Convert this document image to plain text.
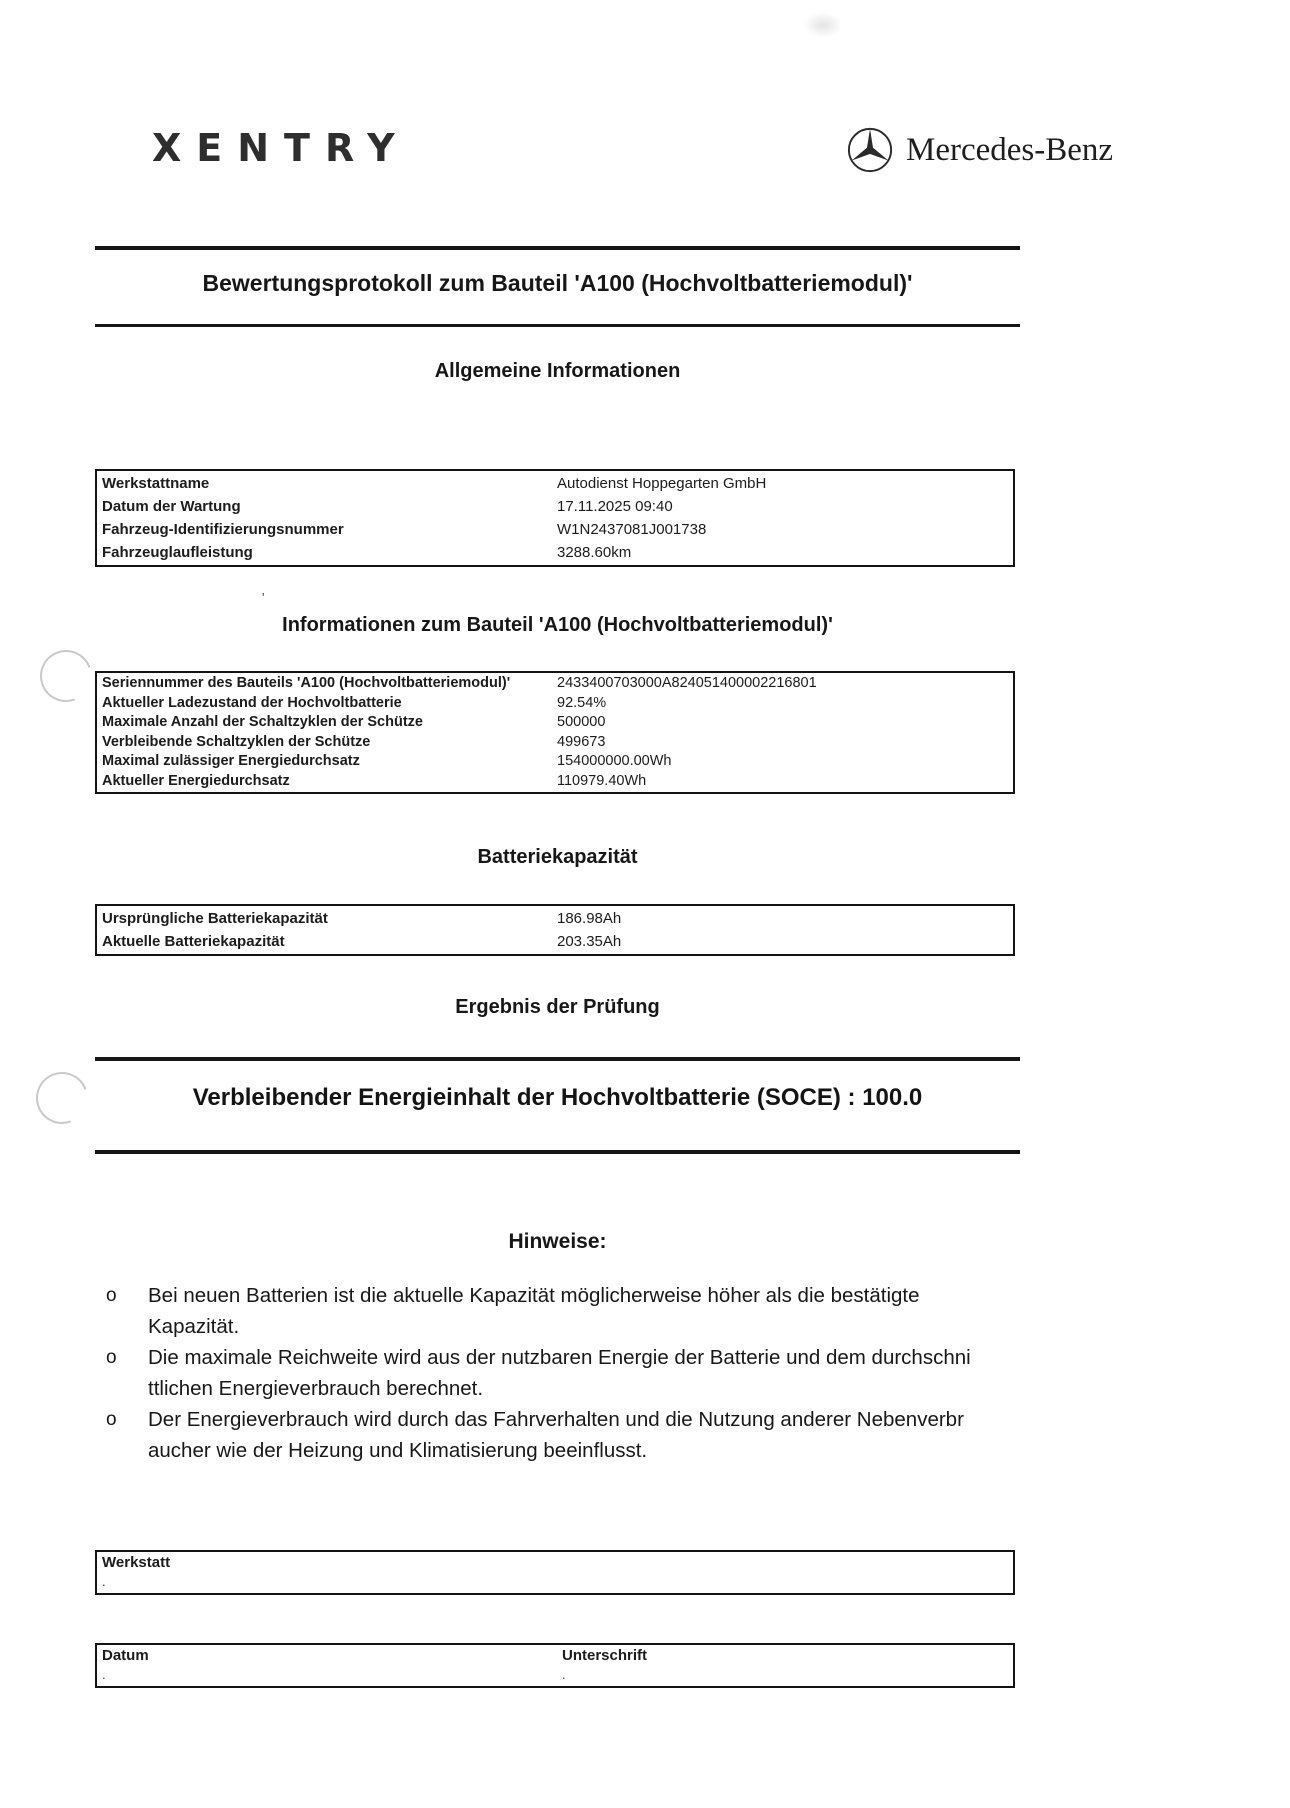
'
XENTRY	Mercedes-Benz
Bewertungsprotokoll zum Bauteil 'A100 (Hochvoltbatteriemodul)'
Allgemeine Informationen
Werkstattname	Autodienst Hoppegarten GmbH
Datum der Wartung	17.11.2025 09:40
Fahrzeug-Identifizierungsnummer	W1N2437081J001738
Fahrzeuglaufleistung	3288.60km
Informationen zum Bauteil 'A100 (Hochvoltbatteriemodul)'
Seriennummer des Bauteils 'A100 (Hochvoltbatteriemodul)'	2433400703000A824051400002216801
Aktueller Ladezustand der Hochvoltbatterie	92.54%
Maximale Anzahl der Schaltzyklen der Schütze	500000
Verbleibende Schaltzyklen der Schütze	499673
Maximal zulässiger Energiedurchsatz	154000000.00Wh
Aktueller Energiedurchsatz	110979.40Wh
Batteriekapazität
Ursprüngliche Batteriekapazität	186.98Ah
Aktuelle Batteriekapazität	203.35Ah
Ergebnis der Prüfung
Verbleibender Energieinhalt der Hochvoltbatterie (SOCE) : 100.0
Hinweise:
o	Bei neuen Batterien ist die aktuelle Kapazität möglicherweise höher als die bestätigte
Kapazität.
o	Die maximale Reichweite wird aus der nutzbaren Energie der Batterie und dem durchschni
ttlichen Energieverbrauch berechnet.
o	Der Energieverbrauch wird durch das Fahrverhalten und die Nutzung anderer Nebenverbr
aucher wie der Heizung und Klimatisierung beeinflusst.
Werkstatt
.
Datum
.
Unterschrift
.
